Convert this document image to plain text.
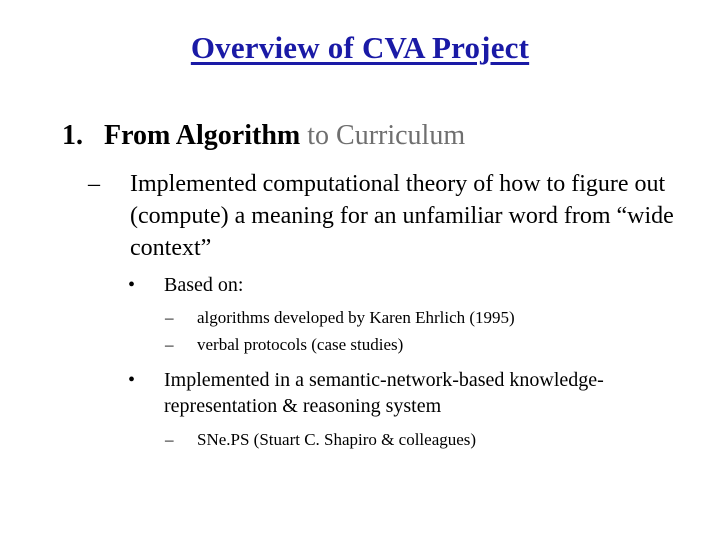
Overview of CVA Project
1. From Algorithm to Curriculum
–	Implemented computational theory of how to figure out (compute) a meaning for an unfamiliar word from “wide context”
• Based on:
– algorithms developed by Karen Ehrlich (1995)
– verbal protocols (case studies)
• Implemented in a semantic-network-based knowledge-representation & reasoning system
– SNe.PS (Stuart C. Shapiro & colleagues)
